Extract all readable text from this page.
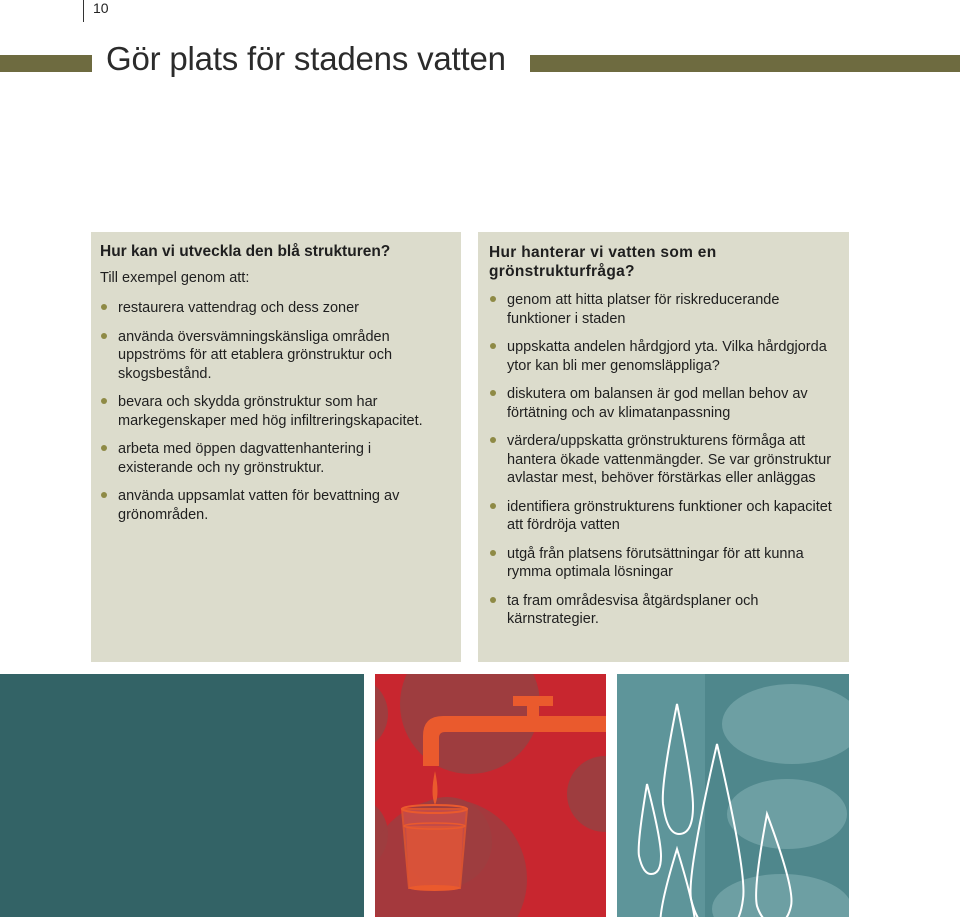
10
Gör plats för stadens vatten
Hur kan vi utveckla den blå strukturen?

Till exempel genom att:

restaurera vattendrag och dess zoner
använda översvämningskänsliga områden uppströms för att etablera grönstruktur och skogsbestånd.
bevara och skydda grönstruktur som har markegenskaper med hög infiltreringskapacitet.
arbeta med öppen dagvattenhantering i existerande och ny grönstruktur.
använda uppsamlat vatten för bevattning av grönområden.
Hur hanterar vi vatten som en grönstrukturfråga?
genom att hitta platser för riskreducerande funktioner i staden
uppskatta andelen hårdgjord yta. Vilka hårdgjorda ytor kan bli mer genomsläppliga?
diskutera om balansen är god mellan behov av förtätning och av klimatanpassning
värdera/uppskatta grönstrukturens förmåga att hantera ökade vattenmängder. Se var grönstruktur avlastar mest, behöver förstärkas eller anläggas
identifiera grönstrukturens funktioner och kapacitet att fördröja vatten
utgå från platsens förutsättningar för att kunna rymma optimala lösningar
ta fram områdesvisa åtgärdsplaner och kärnstrategier.
